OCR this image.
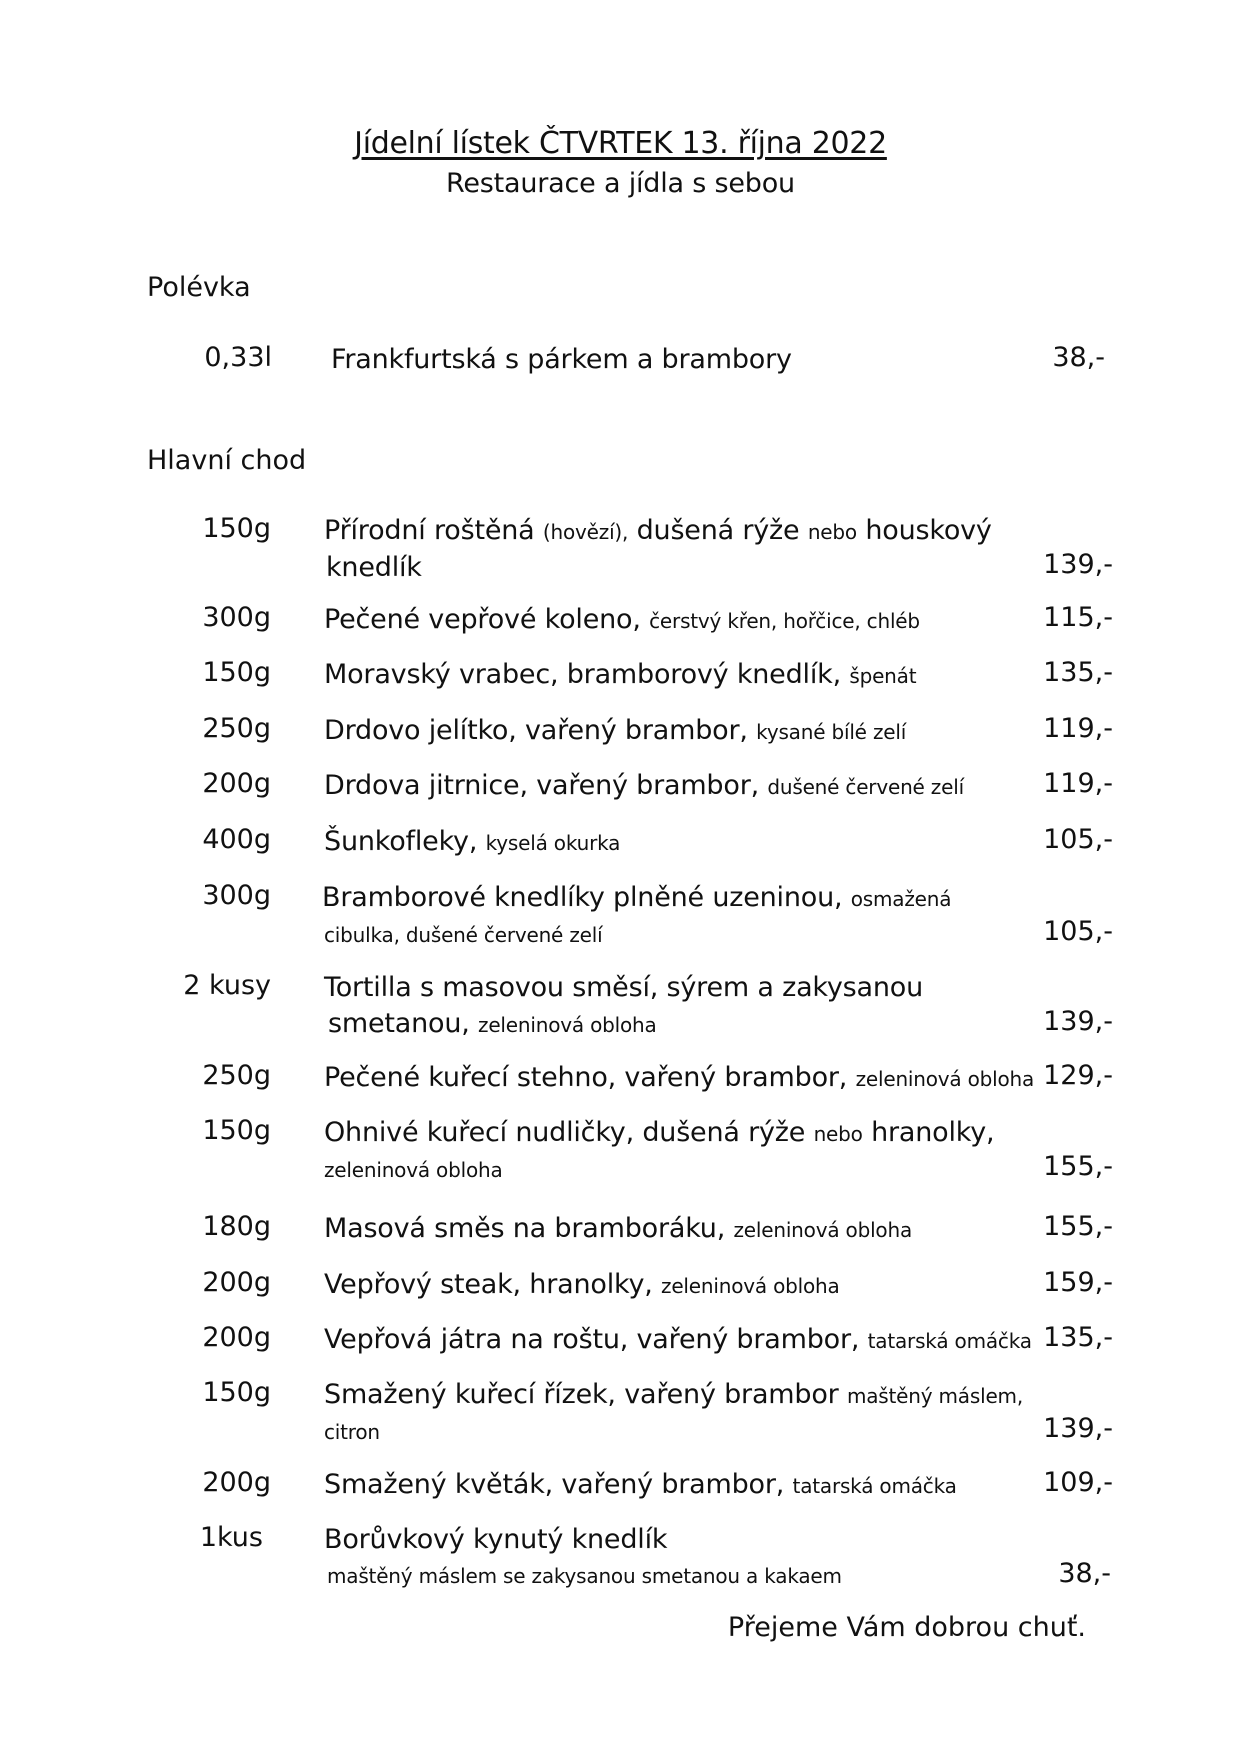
Jídelní lístek ČTVRTEK 13. října 2022
Restaurace a jídla s sebou
Polévka
0,33l Frankfurtská s párkem a brambory	38,-
Hlavní chod
150g Přírodní roštěná (hovězí), dušená rýže nebo houskový
knedlík	139,-
300g Pečené vepřové koleno, čerstvý křen, hořčice, chléb	115,-
150g Moravský vrabec, bramborový knedlík, špenát	135,-
250g Drdovo jelítko, vařený brambor, kysané bílé zelí	119,-
200g Drdova jitrnice, vařený brambor, dušené červené zelí	119,-
400g Šunkofleky, kyselá okurka	105,-
300g Bramborové knedlíky plněné uzeninou, osmažená
cibulka, dušené červené zelí	105,-
2 kusy Tortilla s masovou směsí, sýrem a zakysanou
smetanou, zeleninová obloha	139,-
250g Pečené kuřecí stehno, vařený brambor, zeleninová obloha 129,-
150g Ohnivé kuřecí nudličky, dušená rýže nebo hranolky,
zeleninová obloha	155,-
180g Masová směs na bramboráku, zeleninová obloha	155,-
200g Vepřový steak, hranolky, zeleninová obloha	159,-
200g Vepřová játra na roštu, vařený brambor, tatarská omáčka 135,-
150g Smažený kuřecí řízek, vařený brambor maštěný máslem,
citron	139,-
200g Smažený květák, vařený brambor, tatarská omáčka	109,-
1kus Borůvkový kynutý knedlík
maštěný máslem se zakysanou smetanou a kakaem	38,-
Přejeme Vám dobrou chuť.
